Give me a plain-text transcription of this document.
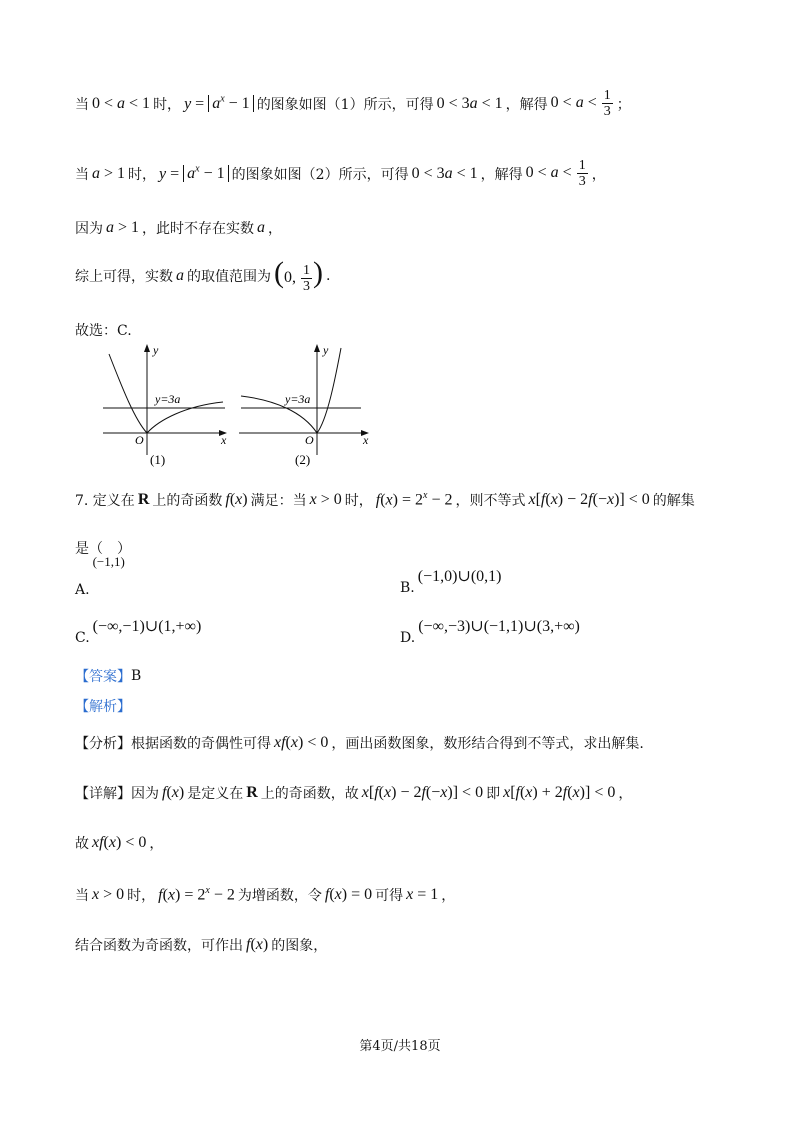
当 0 < a < 1 时， $y = a^x - 1$ 的图象如图（1）所示，可得 0 < 3a < 1 ，解得 $0 < a < \frac{1}{3}$ ；
当 a > 1 时， $y = a^x - 1$ 的图象如图（2）所示，可得 0 < 3a < 1 ，解得 $0 < a < \frac{1}{3}$ ，
因为 a > 1 ，此时不存在实数 a ，
综上可得，实数 a 的取值范围为 (0, $\frac{1}{3}$ ) .
故选：C.
y
x
O
y=3a
(1)
y
x
O
y=3a
(2)
7. 定义在 R 上的奇函数 f(x) 满足：当 x > 0 时， $f(x) = 2^x - 2$ ，则不等式 x[f(x) − 2f(−x)] < 0 的解集
是（　）
A.
(−1,1)
B.
(−1,0)∪(0,1)
C.
(−∞,−1)∪(1,+∞)
D.
(−∞,−3)∪(−1,1)∪(3,+∞)
【答案】 B
【解析】
【分析】 根据函数的奇偶性可得 xf(x) < 0 ，画出函数图象，数形结合得到不等式，求出解集.
【详解】 因为 f(x) 是定义在 R 上的奇函数，故 x[f(x) − 2f(−x)] < 0 即 x[f(x) + 2f(x)] < 0 ，
故 xf(x) < 0 ，
当 x > 0 时， $f(x) = 2^x - 2$ 为增函数，令 f(x) = 0 可得 x = 1 ，
结合函数为奇函数，可作出 f(x) 的图象，
第4页/共18页
